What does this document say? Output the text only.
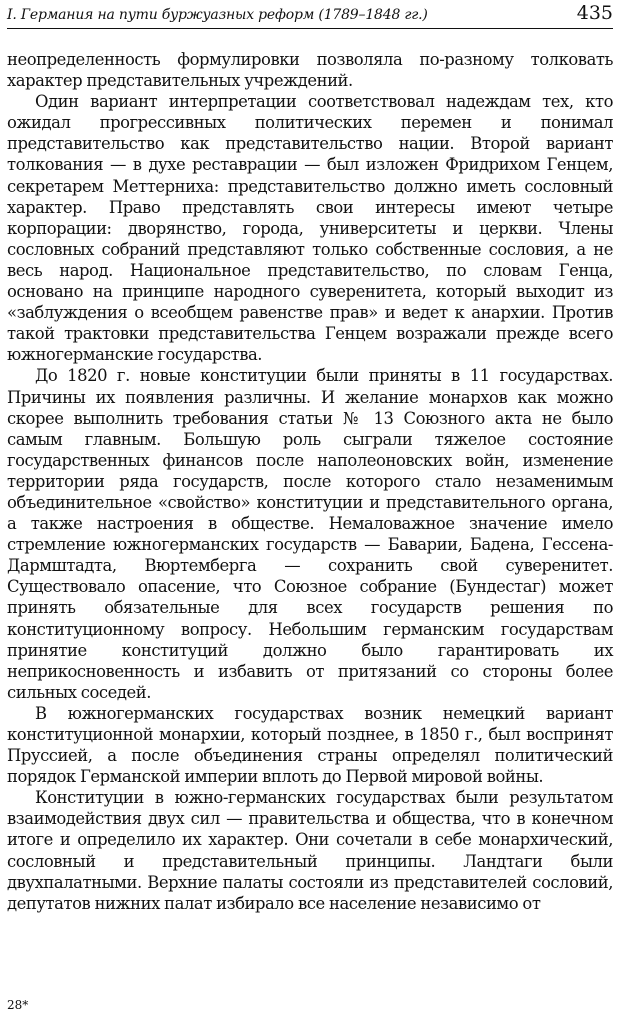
I. Германия на пути буржуазных реформ (1789–1848 гг.)	435

неопределенность формулировки позволяла по-разному толковать характер представительных учреждений.

Один вариант интерпретации соответствовал надеждам тех, кто ожидал прогрессивных политических перемен и понимал представительство как представительство нации. Второй вариант толкования — в духе реставрации — был изложен Фридрихом Генцем, секретарем Меттерниха: представительство должно иметь сословный характер. Право представлять свои интересы имеют четыре корпорации: дворянство, города, университеты и церкви. Члены сословных собраний представляют только собственные сословия, а не весь народ. Национальное представительство, по словам Генца, основано на принципе народного суверенитета, который выходит из «заблуждения о всеобщем равенстве прав» и ведет к анархии. Против такой трактовки представительства Генцем возражали прежде всего южногерманские государства.

До 1820 г. новые конституции были приняты в 11 государствах. Причины их появления различны. И желание монархов как можно скорее выполнить требования статьи № 13 Союзного акта не было самым главным. Большую роль сыграли тяжелое состояние государственных финансов после наполеоновских войн, изменение территории ряда государств, после которого стало незаменимым объединительное «свойство» конституции и представительного органа, а также настроения в обществе. Немаловажное значение имело стремление южногерманских государств — Баварии, Бадена, Гессена-Дармштадта, Вюртемберга — сохранить свой суверенитет. Существовало опасение, что Союзное собрание (Бундестаг) может принять обязательные для всех государств решения по конституционному вопросу. Небольшим германским государствам принятие конституций должно было гарантировать их неприкосновенность и избавить от притязаний со стороны более сильных соседей.

В южногерманских государствах возник немецкий вариант конституционной монархии, который позднее, в 1850 г., был воспринят Пруссией, а после объединения страны определял политический порядок Германской империи вплоть до Первой мировой войны.

Конституции в южно-германских государствах были результатом взаимодействия двух сил — правительства и общества, что в конечном итоге и определило их характер. Они сочетали в себе монархический, сословный и представительный принципы. Ландтаги были двухпалатными. Верхние палаты состояли из представителей сословий, депутатов нижних палат избирало все население независимо от

28*
